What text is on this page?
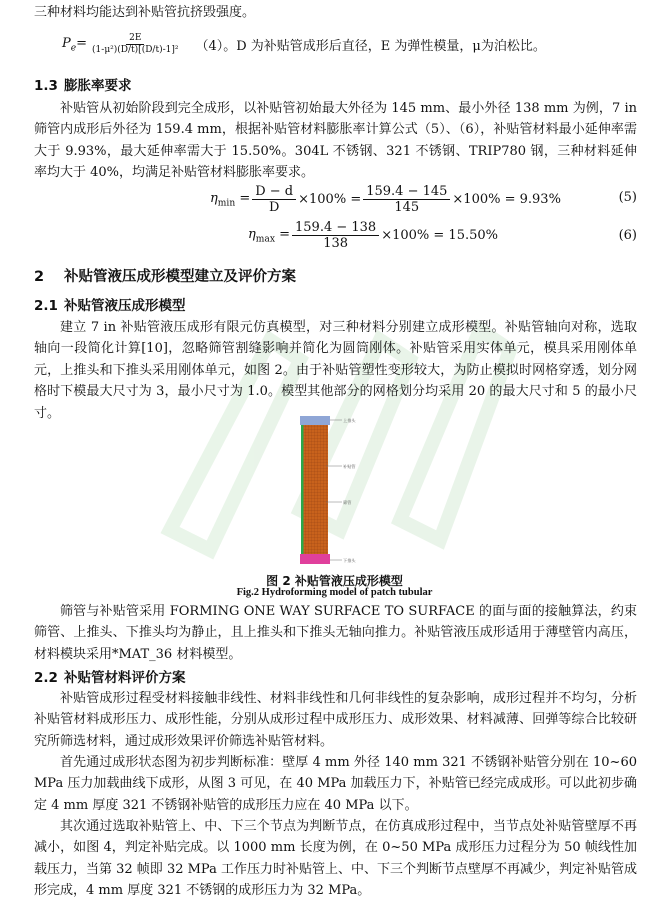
三种材料均能达到补贴管抗挤毁强度。

$P_e= \frac{2E}{\text{(1-μ²)(D/t)[(D/t)-1]²}} (4)$。D 为补贴管成形后直径，E 为弹性模量，μ为泊松比。
1.3 膨胀率要求

补贴管从初始阶段到完全成形，以补贴管初始最大外径为 145 mm、最小外径 138 mm 为例，7 in 筛管内成形后外径为 159.4 mm，根据补贴管材料膨胀率计算公式（5）、（6），补贴管材料最小延伸率需大于 9.93%，最大延伸率需大于 15.50%。304L 不锈钢、321 不锈钢、TRIP780 钢，三种材料延伸率均大于 40%，均满足补贴管材料膨胀率要求。

$\eta_{min} = \frac{D - d}{D} \times 100\% = \frac{159.4 - 145}{145} \times 100\% = 9.93\%$	(5)
$\eta_{max} = \frac{159.4 - 138}{138} \times 100\% = 15.50\%$	(6)
2 补贴管液压成形模型建立及评价方案
2.1 补贴管液压成形模型

建立 7 in 补贴管液压成形有限元仿真模型，对三种材料分别建立成形模型。补贴管轴向对称，选取轴向一段简化计算[10]，忽略筛管割缝影响并简化为圆筒刚体。补贴管采用实体单元，模具采用刚体单元，上推头和下推头采用刚体单元，如图 2。由于补贴管塑性变形较大，为防止模拟时网格穿透，划分网格时下模最大尺寸为 3，最小尺寸为 1.0。模型其他部分的网格划分均采用 20 的最大尺寸和 5 的最小尺寸。	上推头
补贴管
筛管
下推头
图 2 补贴管液压成形模型
Fig.2 Hydroforming model of patch tubular

筛管与补贴管采用 FORMING ONE WAY SURFACE TO SURFACE 的面与面的接触算法，约束筛管、上推头、下推头均为静止，且上推头和下推头无轴向推力。补贴管液压成形适用于薄壁管内高压，材料模块采用*MAT_36 材料模型。

2.2 补贴管材料评价方案

补贴管成形过程受材料接触非线性、材料非线性和几何非线性的复杂影响，成形过程并不均匀，分析补贴管材料成形压力、成形性能，分别从成形过程中成形压力、成形效果、材料减薄、回弹等综合比较研究所筛选材料，通过成形效果评价筛选补贴管材料。

首先通过成形状态图为初步判断标准：壁厚 4 mm 外径 140 mm 321 不锈钢补贴管分别在 10~60 MPa 压力加载曲线下成形，从图 3 可见，在 40 MPa 加载压力下，补贴管已经完成成形。可以此初步确定 4 mm 厚度 321 不锈钢补贴管的成形压力应在 40 MPa 以下。

其次通过选取补贴管上、中、下三个节点为判断节点，在仿真成形过程中，当节点处补贴管壁厚不再减小，如图 4，判定补贴完成。以 1000 mm 长度为例，在 0~50 MPa 成形压力过程分为 50 帧线性加载压力，当第 32 帧即 32 MPa 工作压力时补贴管上、中、下三个判断节点壁厚不再减少，判定补贴管成形完成，4 mm 厚度 321 不锈钢的成形压力为 32 MPa。
